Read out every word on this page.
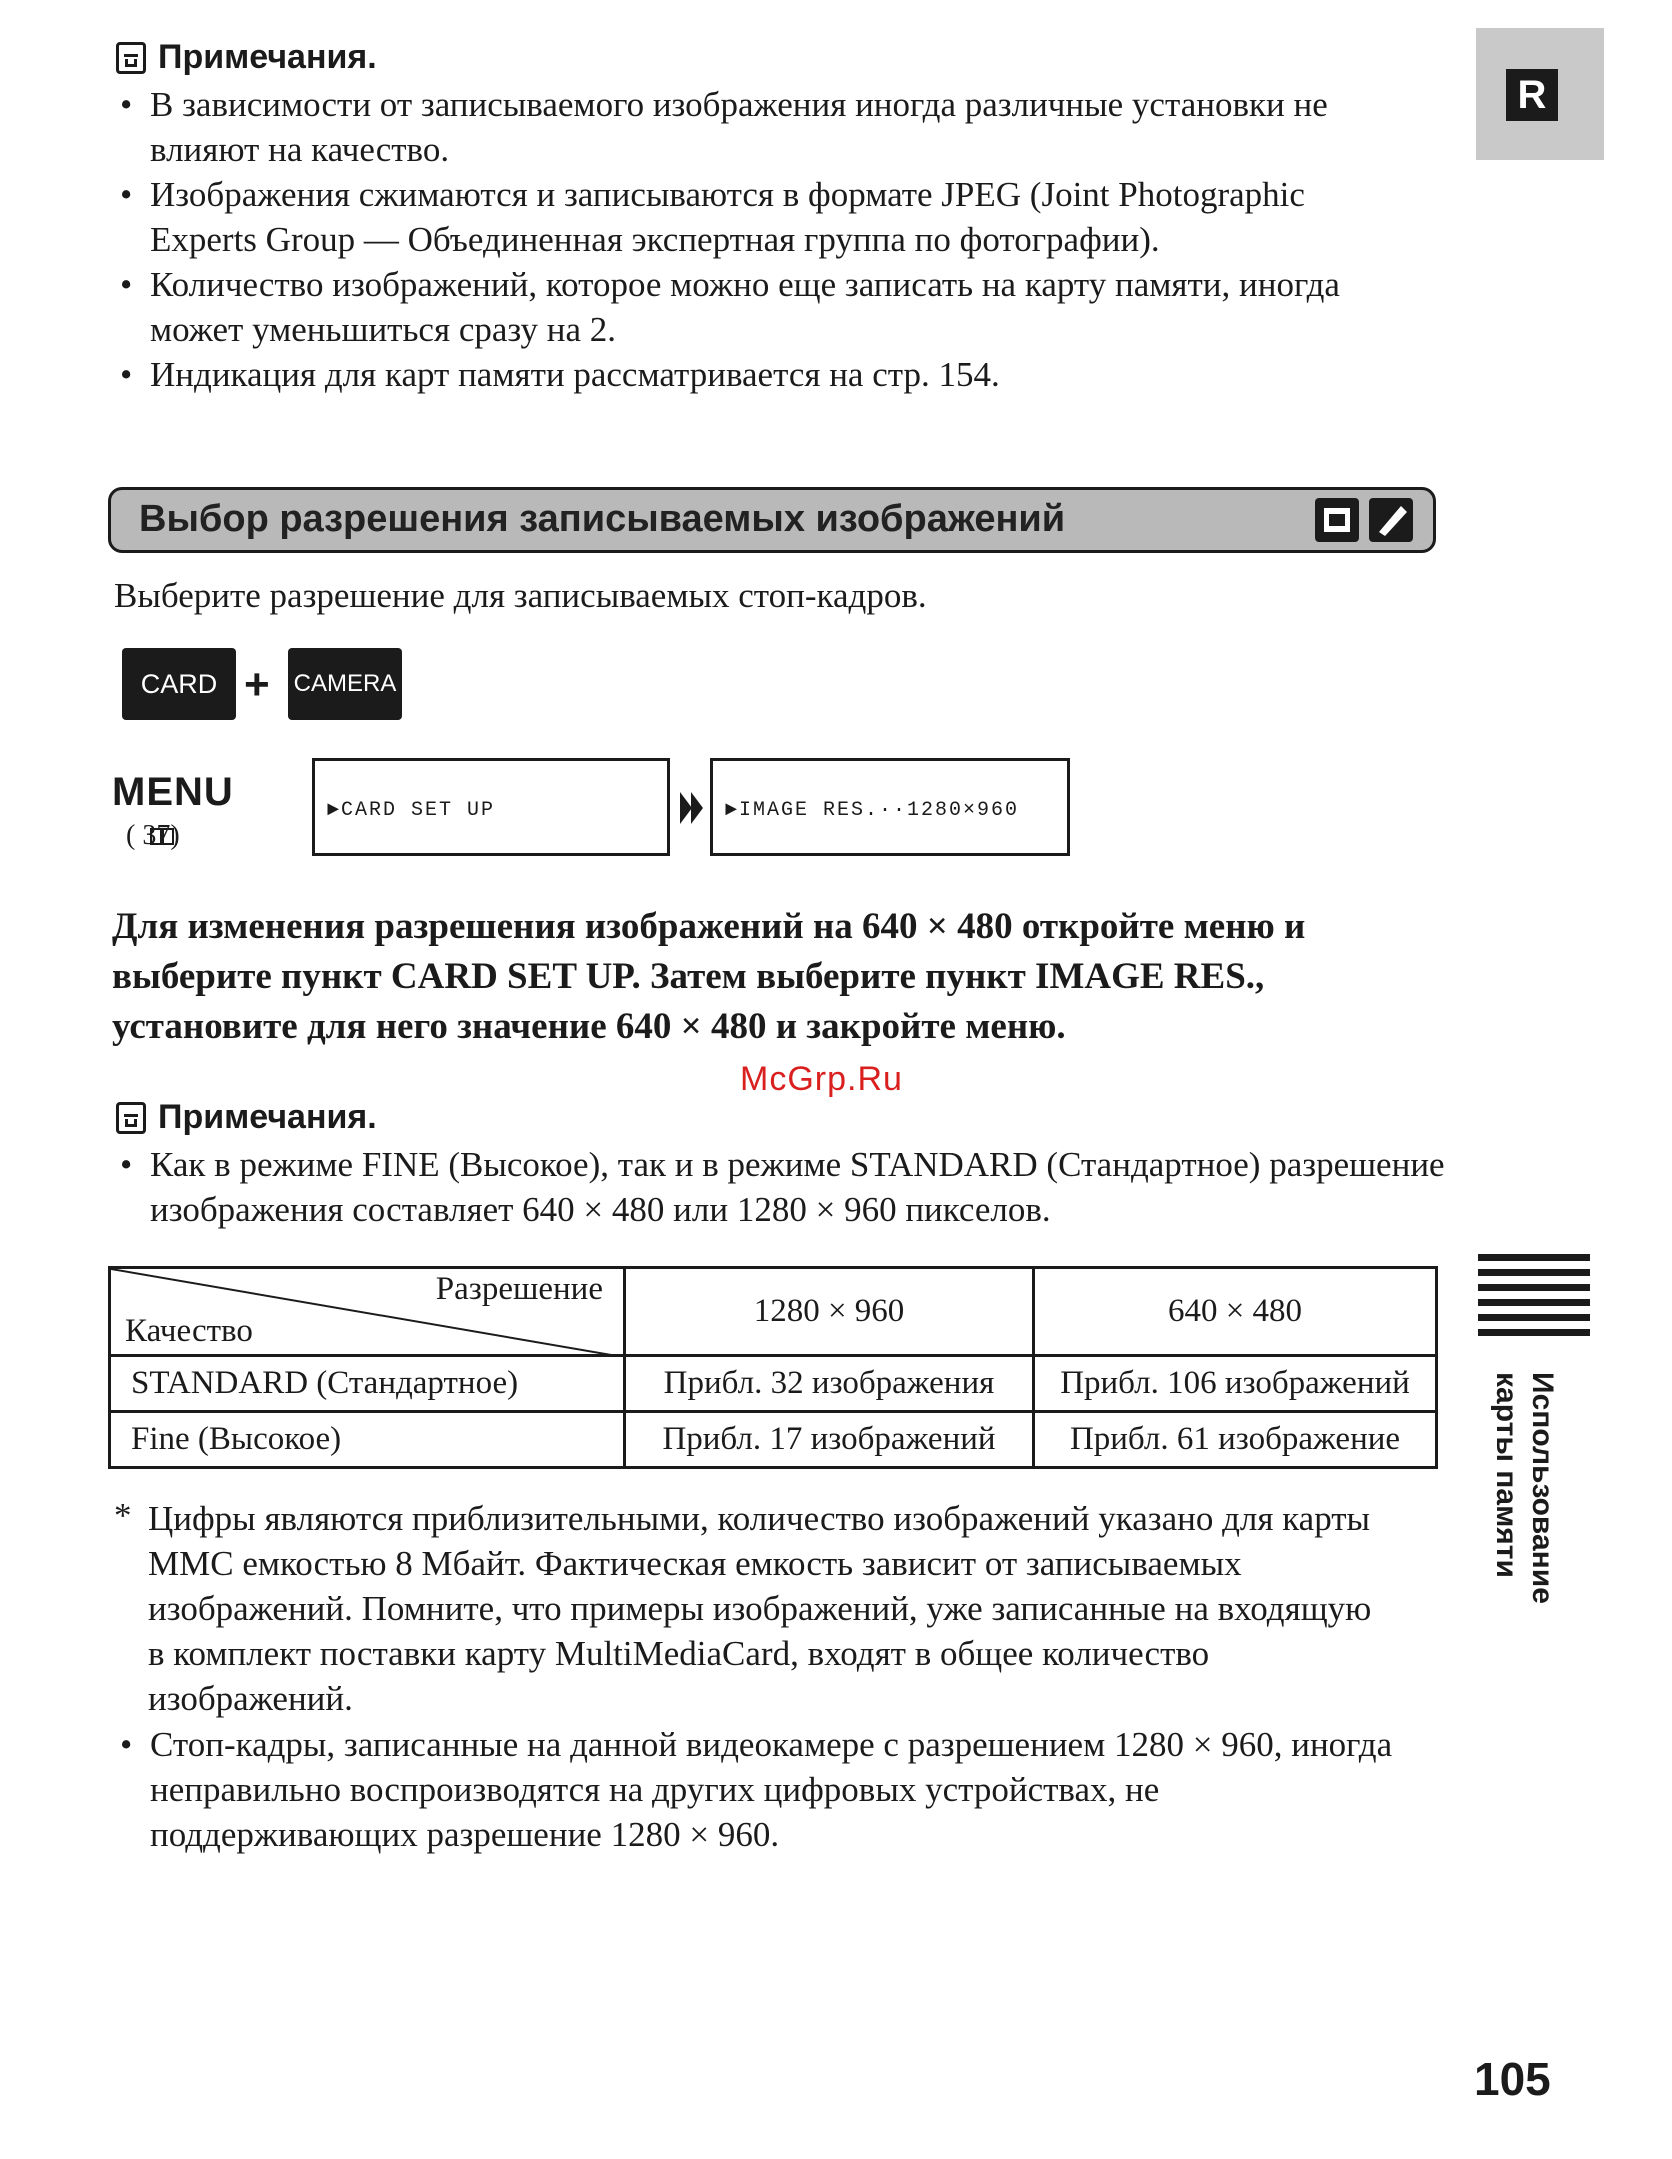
R
Примечания.
• В зависимости от записываемого изображения иногда различные установки не влияют на качество.
• Изображения сжимаются и записываются в формате JPEG (Joint Photographic Experts Group — Объединенная экспертная группа по фотографии).
• Количество изображений, которое можно еще записать на карту памяти, иногда может уменьшиться сразу на 2.
• Индикация для карт памяти рассматривается на стр. 154.
Выбор разрешения записываемых изображений
Выберите разрешение для записываемых стоп-кадров.
CARD + CAMERA
MENU
( 37)
►CARD SET UP	►IMAGE RES.··1280×960
Для изменения разрешения изображений на 640 × 480 откройте меню и выберите пункт CARD SET UP. Затем выберите пункт IMAGE RES., установите для него значение 640 × 480 и закройте меню.
McGrp.Ru
Примечания.
• Как в режиме FINE (Высокое), так и в режиме STANDARD (Стандартное) разрешение изображения составляет 640 × 480 или 1280 × 960 пикселов.
Разрешение
Качество	1280 × 960	640 × 480
STANDARD (Стандартное)	Прибл. 32 изображения	Прибл. 106 изображений
Fine (Высокое)	Прибл. 17 изображений	Прибл. 61 изображение
* Цифры являются приблизительными, количество изображений указано для карты MMC емкостью 8 Мбайт. Фактическая емкость зависит от записываемых изображений. Помните, что примеры изображений, уже записанные на входящую в комплект поставки карту MultiMediaCard, входят в общее количество изображений.
• Стоп-кадры, записанные на данной видеокамере с разрешением 1280 × 960, иногда неправильно воспроизводятся на других цифровых устройствах, не поддерживающих разрешение 1280 × 960.
Использование
карты памяти
105
